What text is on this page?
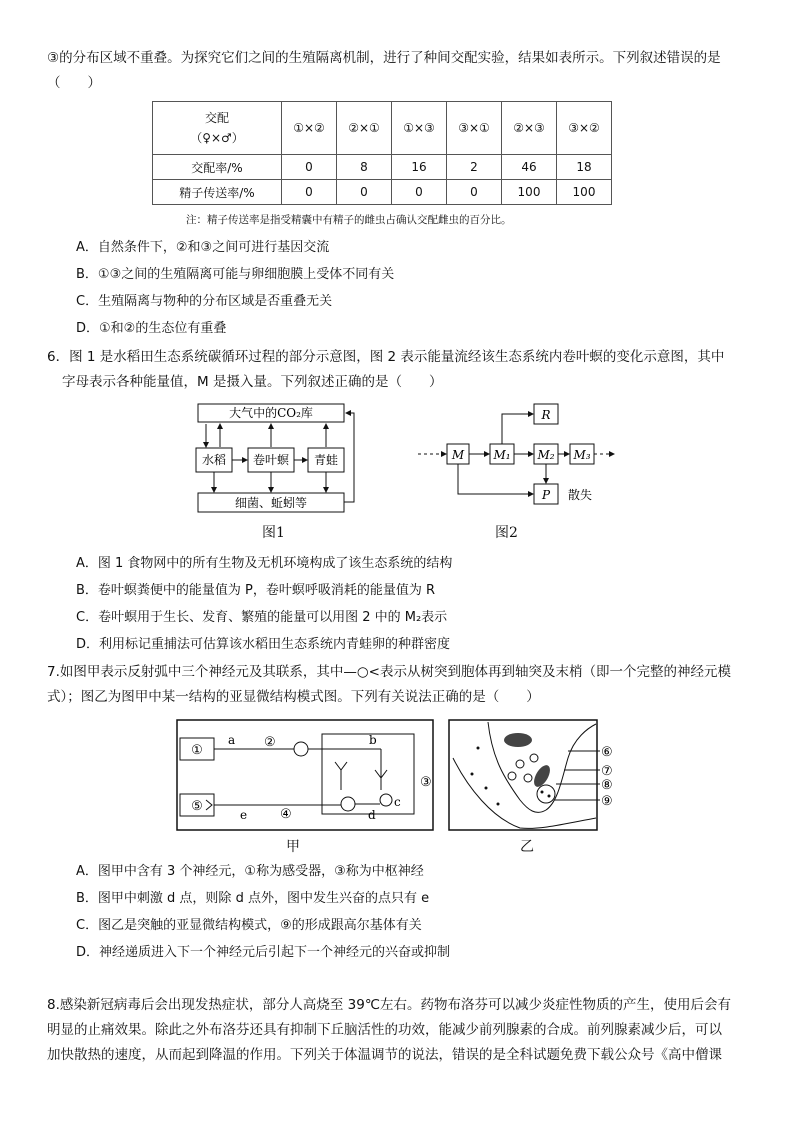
③的分布区域不重叠。为探究它们之间的生殖隔离机制，进行了种间交配实验，结果如表所示。下列叙述错误的是
（　　）
交配
（♀×♂）	①×②	②×①	①×③	③×①	②×③	③×②
交配率/%	0	8	16	2	46	18
精子传送率/%	0	0	0	0	100	100
注：精子传送率是指受精囊中有精子的雌虫占确认交配雌虫的百分比。
A．自然条件下，②和③之间可进行基因交流
B．①③之间的生殖隔离可能与卵细胞膜上受体不同有关
C．生殖隔离与物种的分布区域是否重叠无关
D．①和②的生态位有重叠
6．图 1 是水稻田生态系统碳循环过程的部分示意图，图 2 表示能量流经该生态系统内卷叶螟的变化示意图，其中
字母表示各种能量值，M 是摄入量。下列叙述正确的是（　　）
大气中的CO₂库
水稻 卷叶螟 青蛙
细菌、蚯蚓等
图1
M M₁ M₂ M₃
R
P 散失
图2
A．图 1 食物网中的所有生物及无机环境构成了该生态系统的结构
B．卷叶螟粪便中的能量值为 P，卷叶螟呼吸消耗的能量值为 R
C．卷叶螟用于生长、发育、繁殖的能量可以用图 2 中的 M₂表示
D．利用标记重捕法可估算该水稻田生态系统内青蛙卵的种群密度
7.如图甲表示反射弧中三个神经元及其联系，其中—○<表示从树突到胞体再到轴突及末梢（即一个完整的神经元模
式）；图乙为图甲中某一结构的亚显微结构模式图。下列有关说法正确的是（　　）
①
a ②	b
③
c
d
⑤
e	④
甲
⑥
⑦
⑧
⑨
乙
A．图甲中含有 3 个神经元，①称为感受器，③称为中枢神经
B．图甲中刺激 d 点，则除 d 点外，图中发生兴奋的点只有 e
C．图乙是突触的亚显微结构模式，⑨的形成跟高尔基体有关
D．神经递质进入下一个神经元后引起下一个神经元的兴奋或抑制
8.感染新冠病毒后会出现发热症状，部分人高烧至 39℃左右。药物布洛芬可以减少炎症性物质的产生，使用后会有
明显的止痛效果。除此之外布洛芬还具有抑制下丘脑活性的功效，能减少前列腺素的合成。前列腺素减少后，可以
加快散热的速度，从而起到降温的作用。下列关于体温调节的说法，错误的是全科试题免费下载公众号《高中僧课
